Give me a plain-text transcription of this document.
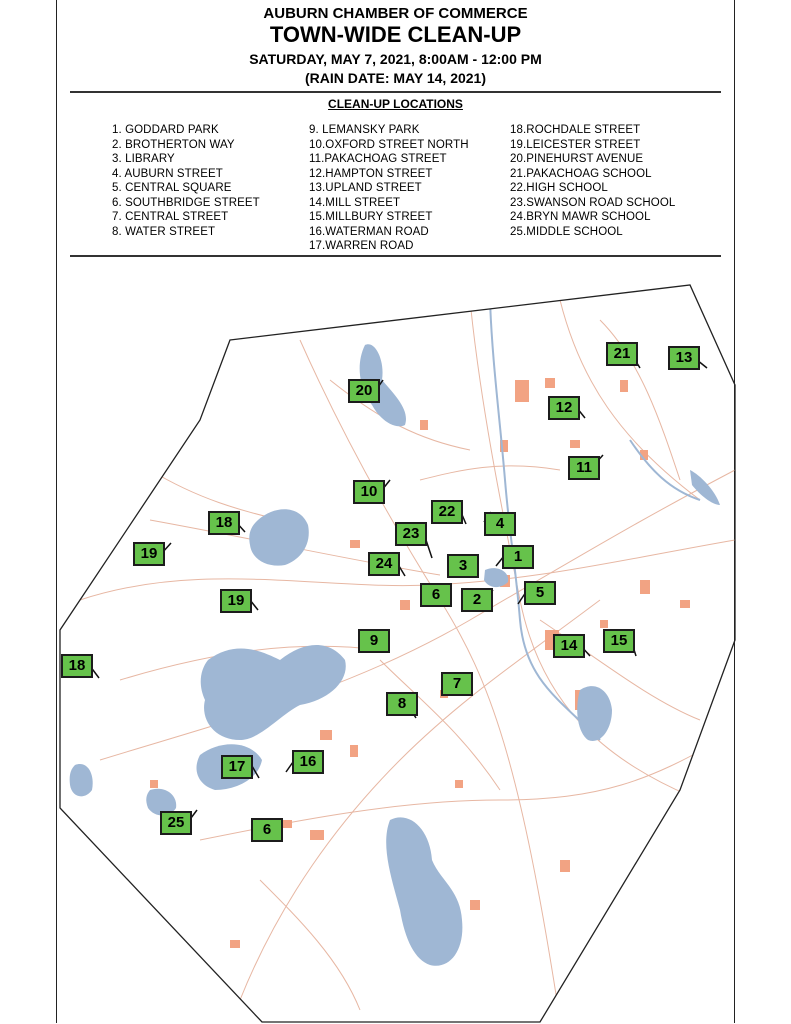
AUBURN CHAMBER OF COMMERCE
TOWN-WIDE CLEAN-UP
SATURDAY, MAY 7, 2021, 8:00AM - 12:00 PM
(RAIN DATE: MAY 14, 2021)
CLEAN-UP LOCATIONS
1. GODDARD PARK
2. BROTHERTON WAY
3. LIBRARY
4. AUBURN STREET
5. CENTRAL SQUARE
6. SOUTHBRIDGE STREET
7. CENTRAL STREET
8. WATER STREET
9. LEMANSKY PARK
10.OXFORD STREET NORTH
11.PAKACHOAG STREET
12.HAMPTON STREET
13.UPLAND STREET
14.MILL STREET
15.MILLBURY STREET
16.WATERMAN ROAD
17.WARREN ROAD
18.ROCHDALE STREET
19.LEICESTER STREET
20.PINEHURST AVENUE
21.PAKACHOAG SCHOOL
22.HIGH SCHOOL
23.SWANSON ROAD SCHOOL
24.BRYN MAWR SCHOOL
25.MIDDLE SCHOOL
20
21	13
12
11
10
22
4
18
23
1
19
24	3
5
6	2
19
9	14	15
18
7
8
17	16
25	6
